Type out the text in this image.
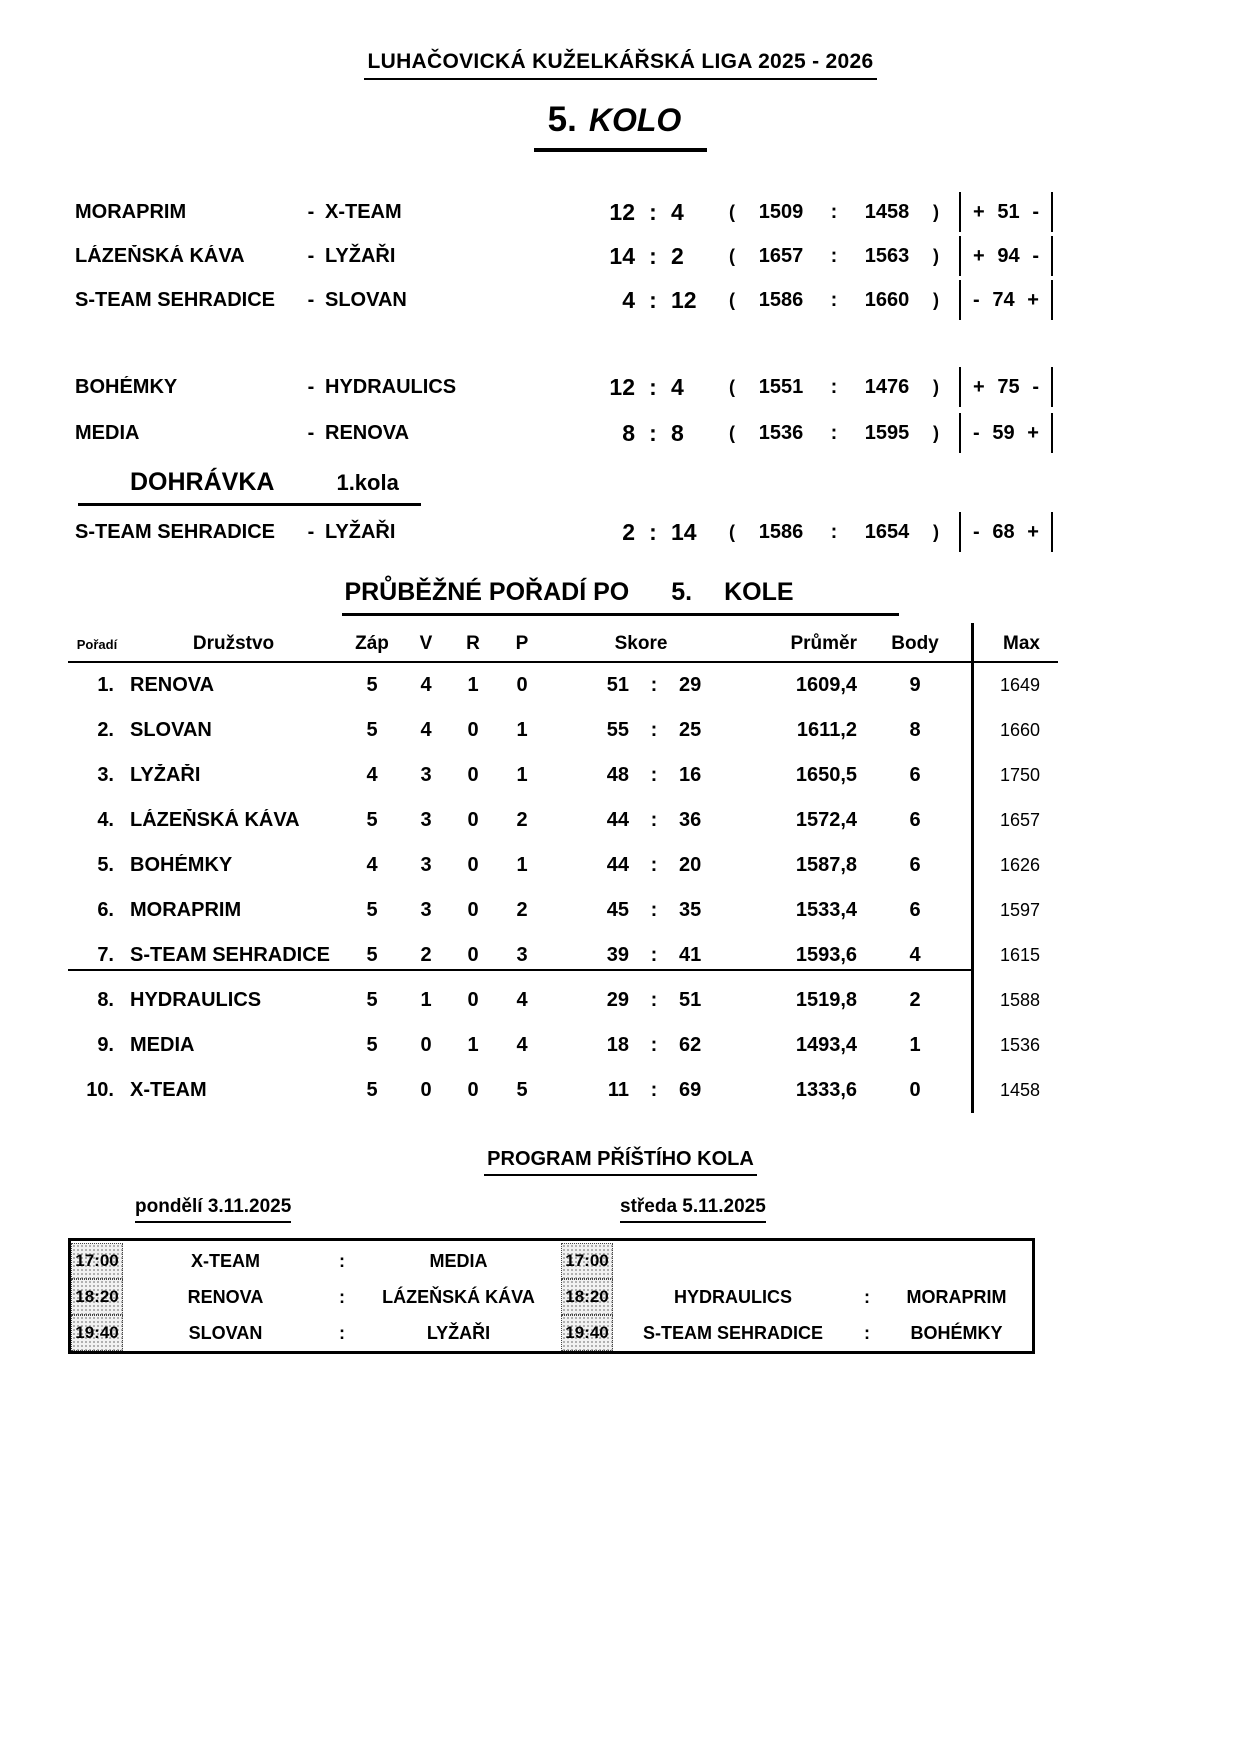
LUHAČOVICKÁ KUŽELKÁŘSKÁ LIGA 2025 - 2026
5. KOLO
MORAPRIM	- X-TEAM	12 : 4	(	1509	:	1458	)	+ 51 -
LÁZEŇSKÁ KÁVA	- LYŽAŘI	14 : 2	(	1657	:	1563	)	+ 94 -
S-TEAM SEHRADICE	- SLOVAN	4 : 12	(	1586	:	1660	)	- 74 +
BOHÉMKY	- HYDRAULICS	12 : 4	(	1551	:	1476	)	+ 75 -
MEDIA	- RENOVA	8 : 8	(	1536	:	1595	)	- 59 +
DOHRÁVKA	1.kola
S-TEAM SEHRADICE	- LYŽAŘI	2 : 14	(	1586	:	1654	)	- 68 +
PRŮBĚŽNÉ POŘADÍ PO 5. KOLE
Pořadí	Družstvo	Záp	V	R	P	Skore	Průměr	Body	Max
1. RENOVA	5	4	1	0	51	:	29	1609,4	9	1649
2. SLOVAN	5	4	0	1	55	:	25	1611,2	8	1660
3. LYŽAŘI	4	3	0	1	48	:	16	1650,5	6	1750
4. LÁZEŇSKÁ KÁVA	5	3	0	2	44	:	36	1572,4	6	1657
5. BOHÉMKY	4	3	0	1	44	:	20	1587,8	6	1626
6. MORAPRIM	5	3	0	2	45	:	35	1533,4	6	1597
7. S-TEAM SEHRADICE	5	2	0	3	39	:	41	1593,6	4	1615
8. HYDRAULICS	5	1	0	4	29	:	51	1519,8	2	1588
9. MEDIA	5	0	1	4	18	:	62	1493,4	1	1536
10. X-TEAM	5	0	0	5	11	:	69	1333,6	0	1458
PROGRAM PŘÍŠTÍHO KOLA
pondělí 3.11.2025	středa 5.11.2025
17:00	X-TEAM	:	MEDIA	17:00
18:20	RENOVA	:	LÁZEŇSKÁ KÁVA	18:20	HYDRAULICS	:	MORAPRIM
19:40	SLOVAN	:	LYŽAŘI	19:40	S-TEAM SEHRADICE	:	BOHÉMKY
